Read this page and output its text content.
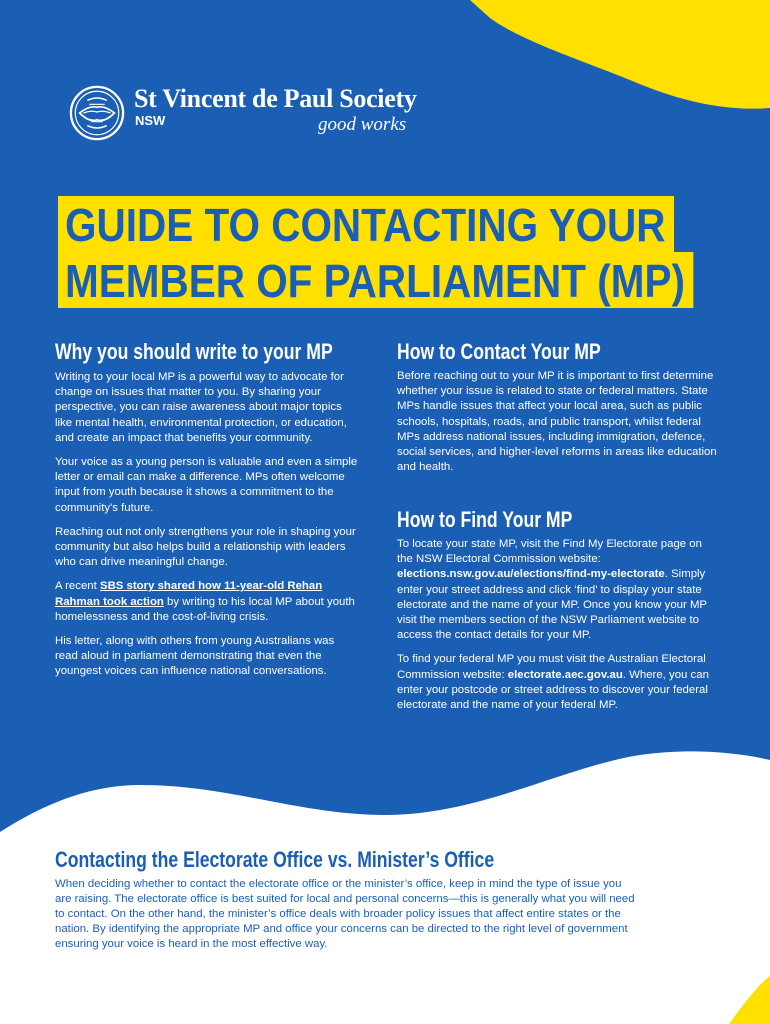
St Vincent de Paul Society
NSW	good works
GUIDE TO CONTACTING YOUR
MEMBER OF PARLIAMENT (MP)
Why you should write to your MP

Writing to your local MP is a powerful way to advocate for change on issues that matter to you. By sharing your perspective, you can raise awareness about major topics like mental health, environmental protection, or education, and create an impact that benefits your community.

Your voice as a young person is valuable and even a simple letter or email can make a difference. MPs often welcome input from youth because it shows a commitment to the community's future.

Reaching out not only strengthens your role in shaping your community but also helps build a relationship with leaders who can drive meaningful change.

A recent SBS story shared how 11-year-old Rehan Rahman took action by writing to his local MP about youth homelessness and the cost-of-living crisis.

His letter, along with others from young Australians was read aloud in parliament demonstrating that even the youngest voices can influence national conversations.

How to Contact Your MP

Before reaching out to your MP it is important to first determine whether your issue is related to state or federal matters. State MPs handle issues that affect your local area, such as public schools, hospitals, roads, and public transport, whilst federal MPs address national issues, including immigration, defence, social services, and higher-level reforms in areas like education and health.

How to Find Your MP

To locate your state MP, visit the Find My Electorate page on the NSW Electoral Commission website: elections.nsw.gov.au/elections/find-my-electorate. Simply enter your street address and click ‘find’ to display your state electorate and the name of your MP. Once you know your MP visit the members section of the NSW Parliament website to access the contact details for your MP.

To find your federal MP you must visit the Australian Electoral Commission website: electorate.aec.gov.au. Where, you can enter your postcode or street address to discover your federal electorate and the name of your federal MP.

Contacting the Electorate Office vs. Minister’s Office

When deciding whether to contact the electorate office or the minister’s office, keep in mind the type of issue you are raising. The electorate office is best suited for local and personal concerns—this is generally what you will need to contact. On the other hand, the minister’s office deals with broader policy issues that affect entire states or the nation. By identifying the appropriate MP and office your concerns can be directed to the right level of government ensuring your voice is heard in the most effective way.
